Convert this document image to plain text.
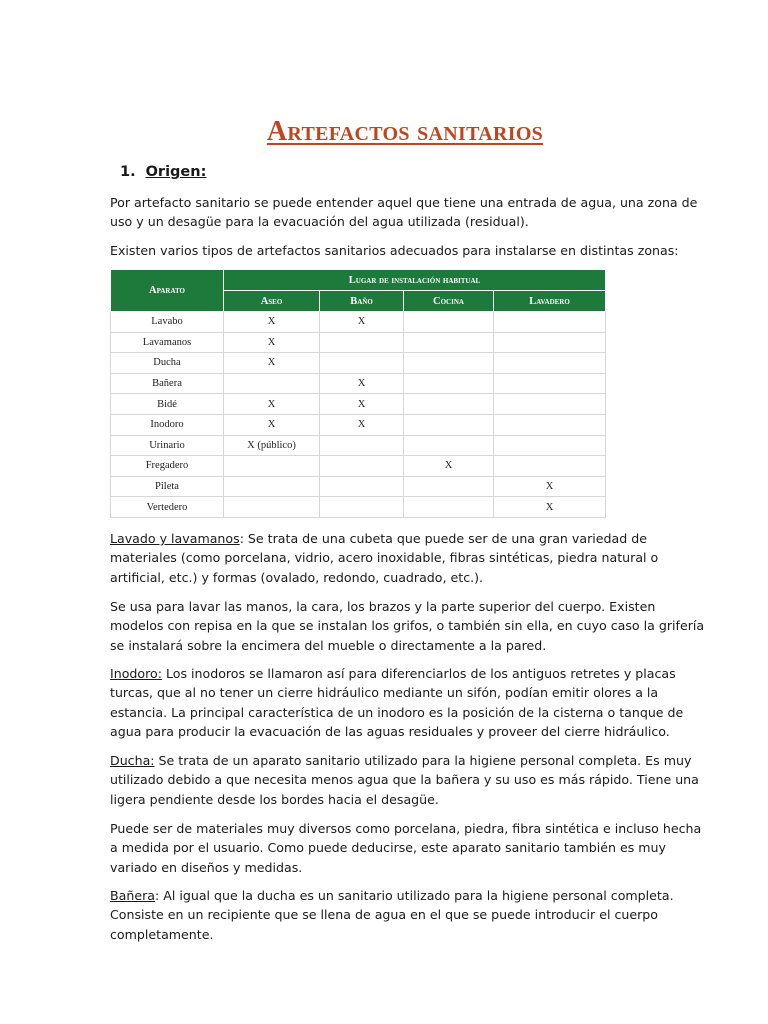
Artefactos sanitarios
1. Origen:

Por artefacto sanitario se puede entender aquel que tiene una entrada de agua, una zona de uso y un desagüe para la evacuación del agua utilizada (residual).

Existen varios tipos de artefactos sanitarios adecuados para instalarse en distintas zonas:

Aparato	Lugar de instalación habitual			
	Aseo	Baño	Cocina	Lavadero
Lavabo	X	X		
Lavamanos	X			
Ducha	X			
Bañera		X		
Bidé	X	X		
Inodoro	X	X		
Urinario	X (público)			
Fregadero			X	
Pileta				X
Vertedero				X

Lavado y lavamanos: Se trata de una cubeta que puede ser de una gran variedad de materiales (como porcelana, vidrio, acero inoxidable, fibras sintéticas, piedra natural o artificial, etc.) y formas (ovalado, redondo, cuadrado, etc.).

Se usa para lavar las manos, la cara, los brazos y la parte superior del cuerpo. Existen modelos con repisa en la que se instalan los grifos, o también sin ella, en cuyo caso la grifería se instalará sobre la encimera del mueble o directamente a la pared.

Inodoro: Los inodoros se llamaron así para diferenciarlos de los antiguos retretes y placas turcas, que al no tener un cierre hidráulico mediante un sifón, podían emitir olores a la estancia. La principal característica de un inodoro es la posición de la cisterna o tanque de agua para producir la evacuación de las aguas residuales y proveer del cierre hidráulico.

Ducha: Se trata de un aparato sanitario utilizado para la higiene personal completa. Es muy utilizado debido a que necesita menos agua que la bañera y su uso es más rápido. Tiene una ligera pendiente desde los bordes hacia el desagüe.

Puede ser de materiales muy diversos como porcelana, piedra, fibra sintética e incluso hecha a medida por el usuario. Como puede deducirse, este aparato sanitario también es muy variado en diseños y medidas.

Bañera: Al igual que la ducha es un sanitario utilizado para la higiene personal completa. Consiste en un recipiente que se llena de agua en el que se puede introducir el cuerpo completamente.
